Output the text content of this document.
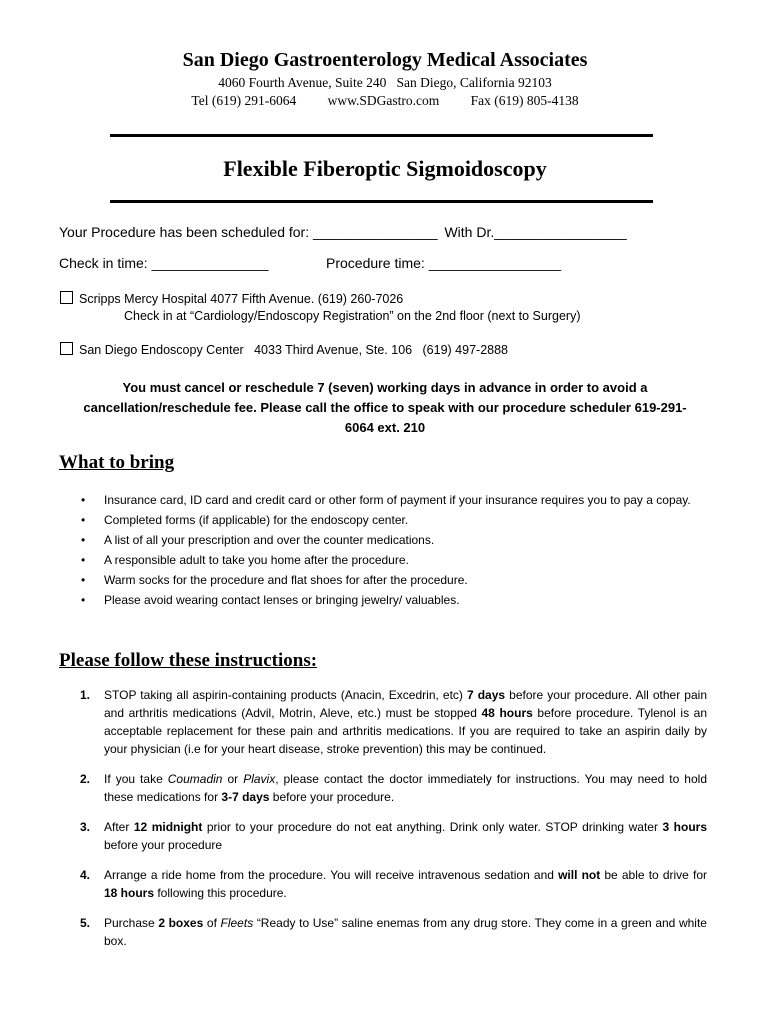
San Diego Gastroenterology Medical Associates
4060 Fourth Avenue, Suite 240   San Diego, California 92103
Tel (619) 291-6064 www.SDGastro.com Fax (619) 805-4138
Flexible Fiberoptic Sigmoidoscopy
Your Procedure has been scheduled for: ________________ With Dr._________________
Check in time: _______________	Procedure time: _________________
Scripps Mercy Hospital 4077 Fifth Avenue. (619) 260-7026
Check in at “Cardiology/Endoscopy Registration” on the 2nd floor (next to Surgery)
San Diego Endoscopy Center   4033 Third Avenue, Ste. 106   (619) 497-2888
You must cancel or reschedule 7 (seven) working days in advance in order to avoid a cancellation/reschedule fee. Please call the office to speak with our procedure scheduler 619-291-6064 ext. 210
What to bring
• Insurance card, ID card and credit card or other form of payment if your insurance requires you to pay a copay.
• Completed forms (if applicable) for the endoscopy center.
• A list of all your prescription and over the counter medications.
• A responsible adult to take you home after the procedure.
• Warm socks for the procedure and flat shoes for after the procedure.
• Please avoid wearing contact lenses or bringing jewelry/ valuables.
Please follow these instructions:
1. STOP taking all aspirin-containing products (Anacin, Excedrin, etc) 7 days before your procedure. All other pain and arthritis medications (Advil, Motrin, Aleve, etc.) must be stopped 48 hours before procedure. Tylenol is an acceptable replacement for these pain and arthritis medications. If you are required to take an aspirin daily by your physician (i.e for your heart disease, stroke prevention) this may be continued.
2. If you take Coumadin or Plavix, please contact the doctor immediately for instructions. You may need to hold these medications for 3-7 days before your procedure.
3. After 12 midnight prior to your procedure do not eat anything. Drink only water. STOP drinking water 3 hours before your procedure
4. Arrange a ride home from the procedure. You will receive intravenous sedation and will not be able to drive for 18 hours following this procedure.
5. Purchase 2 boxes of Fleets “Ready to Use” saline enemas from any drug store. They come in a green and white box.
